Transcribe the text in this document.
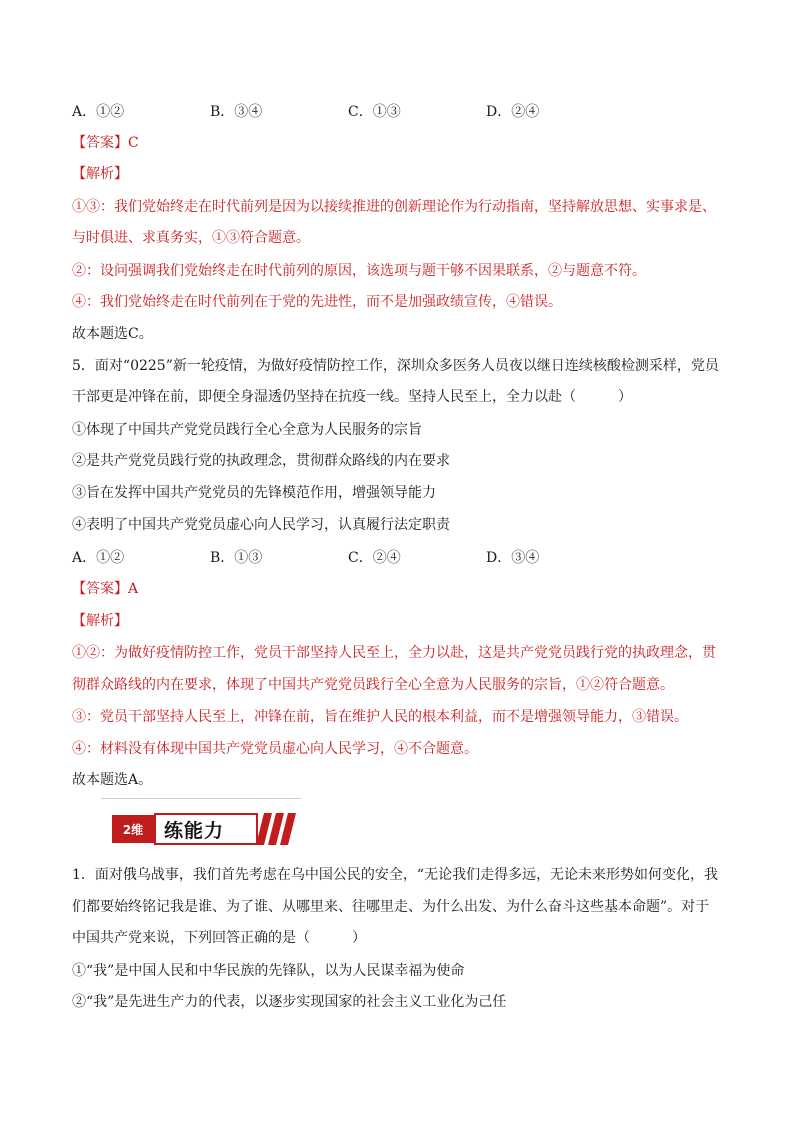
A．①②	B．③④	C．①③	D．②④
【答案】C
【解析】
①③：我们党始终走在时代前列是因为以接续推进的创新理论作为行动指南，坚持解放思想、实事求是、
与时俱进、求真务实，①③符合题意。
②：设问强调我们党始终走在时代前列的原因，该选项与题干够不因果联系，②与题意不符。
④：我们党始终走在时代前列在于党的先进性，而不是加强政绩宣传，④错误。
故本题选C。
5．面对“0225”新一轮疫情，为做好疫情防控工作，深圳众多医务人员夜以继日连续核酸检测采样，党员
干部更是冲锋在前，即便全身湿透仍坚持在抗疫一线。坚持人民至上，全力以赴（　　　）
①体现了中国共产党党员践行全心全意为人民服务的宗旨
②是共产党党员践行党的执政理念，贯彻群众路线的内在要求
③旨在发挥中国共产党党员的先锋模范作用，增强领导能力
④表明了中国共产党党员虚心向人民学习，认真履行法定职责
A．①②	B．①③	C．②④	D．③④
【答案】A
【解析】
①②：为做好疫情防控工作，党员干部坚持人民至上，全力以赴，这是共产党党员践行党的执政理念，贯
彻群众路线的内在要求，体现了中国共产党党员践行全心全意为人民服务的宗旨，①②符合题意。
③：党员干部坚持人民至上，冲锋在前，旨在维护人民的根本利益，而不是增强领导能力，③错误。
④：材料没有体现中国共产党党员虚心向人民学习，④不合题意。
故本题选A。
2维	练能力
1．面对俄乌战事，我们首先考虑在乌中国公民的安全，“无论我们走得多远，无论未来形势如何变化，我
们都要始终铭记我是谁、为了谁、从哪里来、往哪里走、为什么出发、为什么奋斗这些基本命题”。对于
中国共产党来说，下列回答正确的是（　　　）
①“我”是中国人民和中华民族的先锋队，以为人民谋幸福为使命
②“我”是先进生产力的代表，以逐步实现国家的社会主义工业化为己任
